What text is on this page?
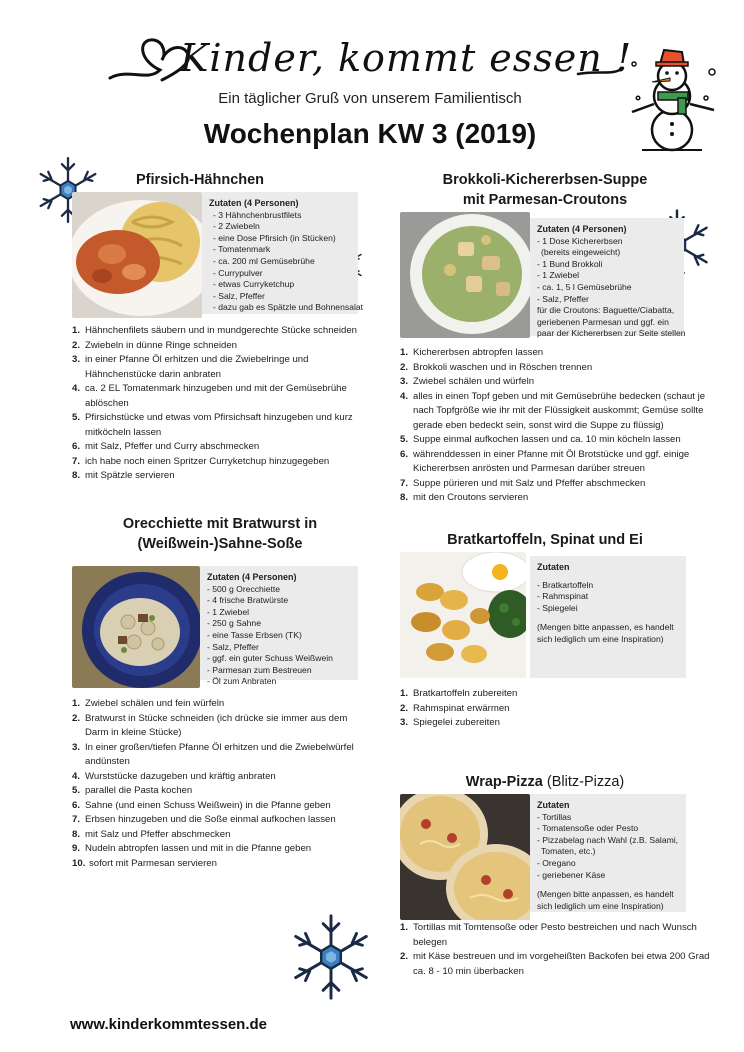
Kinder, kommt essen !
Ein täglicher Gruß von unserem Familientisch
Wochenplan KW 3 (2019)
Pfirsich-Hähnchen
Zutaten (4 Personen)
- 3 Hähnchenbrustfilets
- 2 Zwiebeln
- eine Dose Pfirsich (in Stücken)
- Tomatenmark
- ca. 200 ml Gemüsebrühe
- Currypulver
- etwas Curryketchup
- Salz, Pfeffer
- dazu gab es Spätzle und Bohnensalat
1. Hähnchenfilets säubern und in mundgerechte Stücke schneiden
2. Zwiebeln in dünne Ringe schneiden
3. in einer Pfanne Öl erhitzen und die Zwiebelringe und Hähnchenstücke darin anbraten
4. ca. 2 EL Tomatenmark hinzugeben und mit der Gemüsebrühe ablöschen
5. Pfirsichstücke und etwas vom Pfirsichsaft hinzugeben und kurz mitköcheln lassen
6. mit Salz, Pfeffer und Curry abschmecken
7. ich habe noch einen Spritzer Curryketchup hinzugegeben
8. mit Spätzle servieren
Brokkoli-Kichererbsen-Suppe
mit Parmesan-Croutons
Zutaten (4 Personen)
- 1 Dose Kichererbsen
(bereits eingeweicht)
- 1 Bund Brokkoli
- 1 Zwiebel
- ca. 1, 5 l Gemüsebrühe
- Salz, Pfeffer
für die Croutons: Baguette/Ciabatta,
geriebenen Parmesan und ggf. ein
paar der Kichererbsen zur Seite stellen
1. Kichererbsen abtropfen lassen
2. Brokkoli waschen und in Röschen trennen
3. Zwiebel schälen und würfeln
4. alles in einen Topf geben und mit Gemüsebrühe bedecken (schaut je nach Topfgröße wie ihr mit der Flüssigkeit auskommt; Gemüse sollte gerade eben bedeckt sein, sonst wird die Suppe zu flüssig)
5. Suppe einmal aufkochen lassen und ca. 10 min köcheln lassen
6. währenddessen in einer Pfanne mit Öl Brotstücke und ggf. einige Kichererbsen anrösten und Parmesan darüber streuen
7. Suppe pürieren und mit Salz und Pfeffer abschmecken
8. mit den Croutons servieren
Orecchiette mit Bratwurst in
(Weißwein-)Sahne-Soße
Zutaten (4 Personen)
- 500 g Orecchiette
- 4 frische Bratwürste
- 1 Zwiebel
- 250 g Sahne
- eine Tasse Erbsen (TK)
- Salz, Pfeffer
- ggf. ein guter Schuss Weißwein
- Parmesan zum Bestreuen
- Öl zum Anbraten
1. Zwiebel schälen und fein würfeln
2. Bratwurst in Stücke schneiden (ich drücke sie immer aus dem Darm in kleine Stücke)
3. In einer großen/tiefen Pfanne Öl erhitzen und die Zwiebelwürfel andünsten
4. Wurststücke dazugeben und kräftig anbraten
5. parallel die Pasta kochen
6. Sahne (und einen Schuss Weißwein) in die Pfanne geben
7. Erbsen hinzugeben und die Soße einmal aufkochen lassen
8. mit Salz und Pfeffer abschmecken
9. Nudeln abtropfen lassen und mit in die Pfanne geben
10. sofort mit Parmesan servieren
Bratkartoffeln, Spinat und Ei
Zutaten
- Bratkartoffeln
- Rahmspinat
- Spiegelei
(Mengen bitte anpassen, es handelt sich lediglich um eine Inspiration)
1. Bratkartoffeln zubereiten
2. Rahmspinat erwärmen
3. Spiegelei zubereiten
Wrap-Pizza (Blitz-Pizza)
Zutaten
- Tortillas
- Tomatensoße oder Pesto
- Pizzabelag nach Wahl (z.B. Salami,
Tomaten, etc.)
- Oregano
- geriebener Käse
(Mengen bitte anpassen, es handelt sich lediglich um eine Inspiration)
1. Tortillas mit Tomtensoße oder Pesto bestreichen und nach Wunsch belegen
2. mit Käse bestreuen und im vorgeheißten Backofen bei etwa 200 Grad ca. 8 - 10 min überbacken
www.kinderkommtessen.de
